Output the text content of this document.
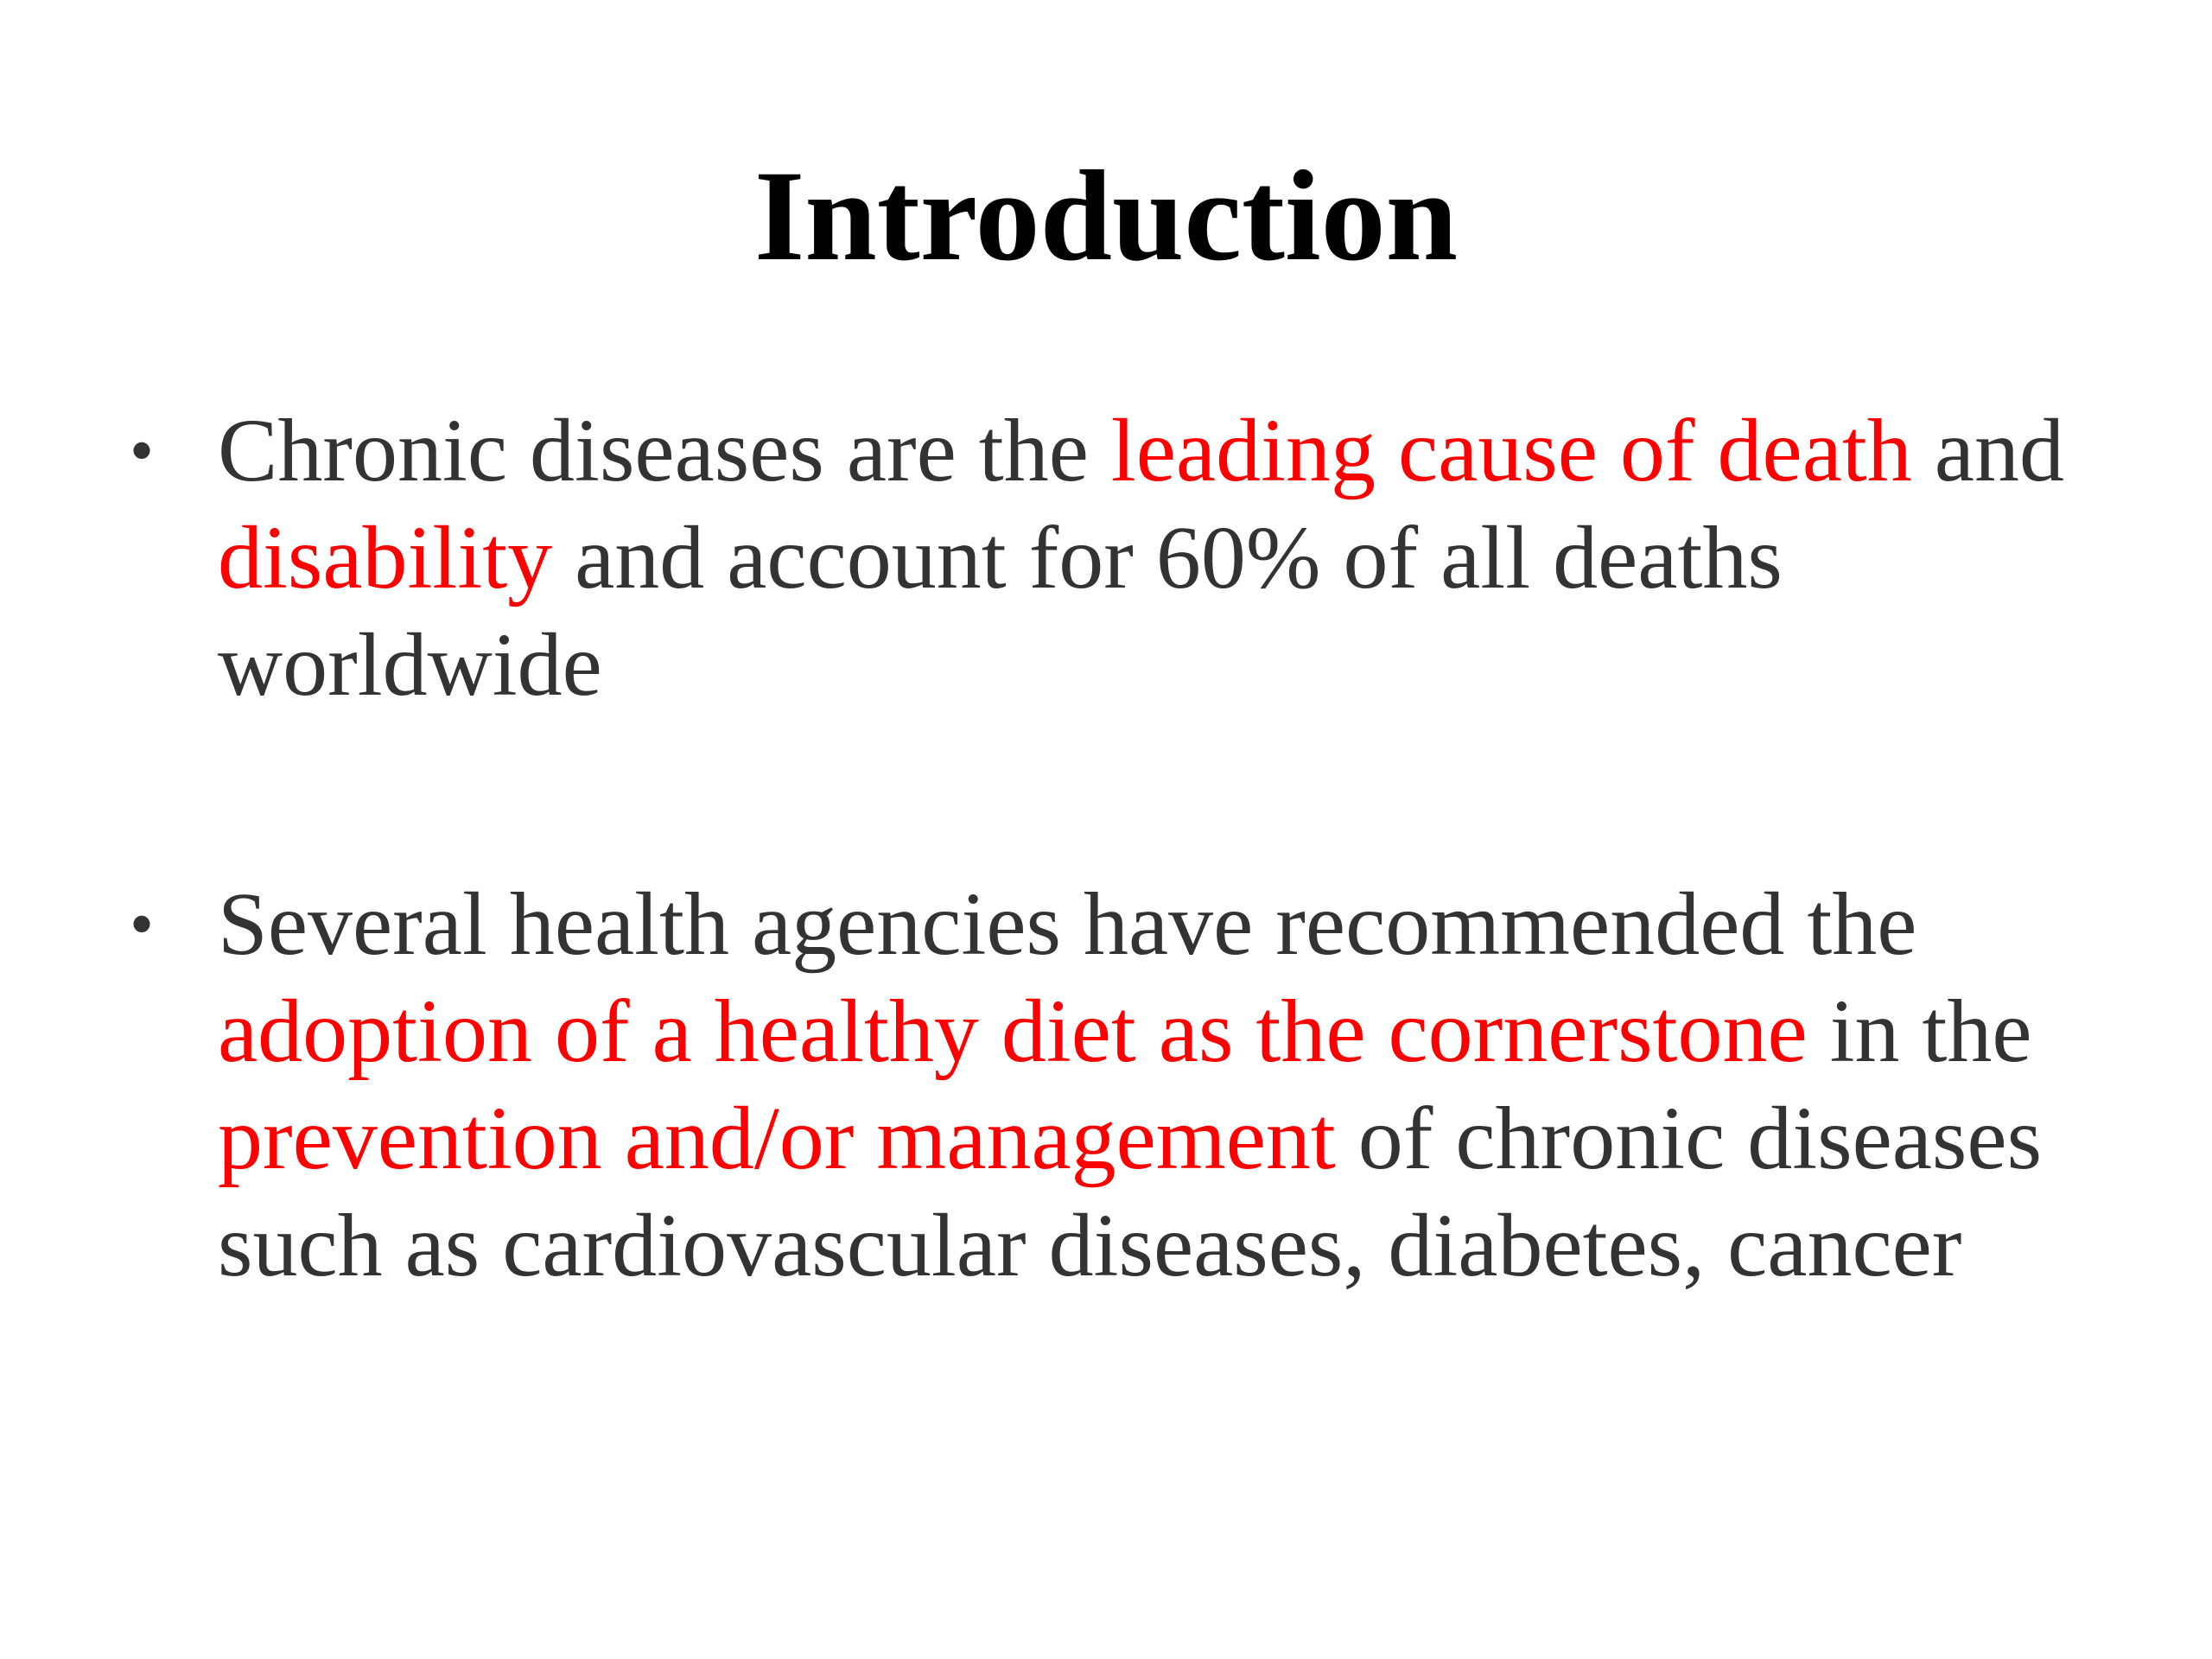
Introduction
• Chronic diseases are the leading cause of death and disability and account for 60% of all deaths worldwide
• Several health agencies have recommended the adoption of a healthy diet as the cornerstone in the prevention and/or management of chronic diseases such as cardiovascular diseases, diabetes, cancer
